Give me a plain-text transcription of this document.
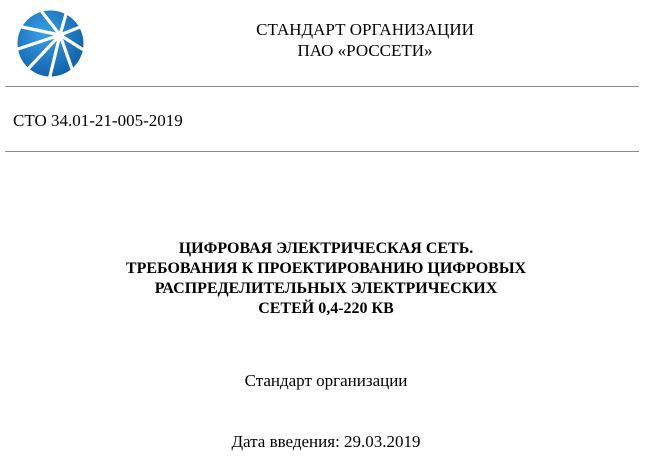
СТАНДАРТ ОРГАНИЗАЦИИ
ПАО «РОССЕТИ»
СТО 34.01-21-005-2019
ЦИФРОВАЯ ЭЛЕКТРИЧЕСКАЯ СЕТЬ.
ТРЕБОВАНИЯ К ПРОЕКТИРОВАНИЮ ЦИФРОВЫХ
РАСПРЕДЕЛИТЕЛЬНЫХ ЭЛЕКТРИЧЕСКИХ
СЕТЕЙ 0,4-220 КВ
Стандарт организации
Дата введения: 29.03.2019
